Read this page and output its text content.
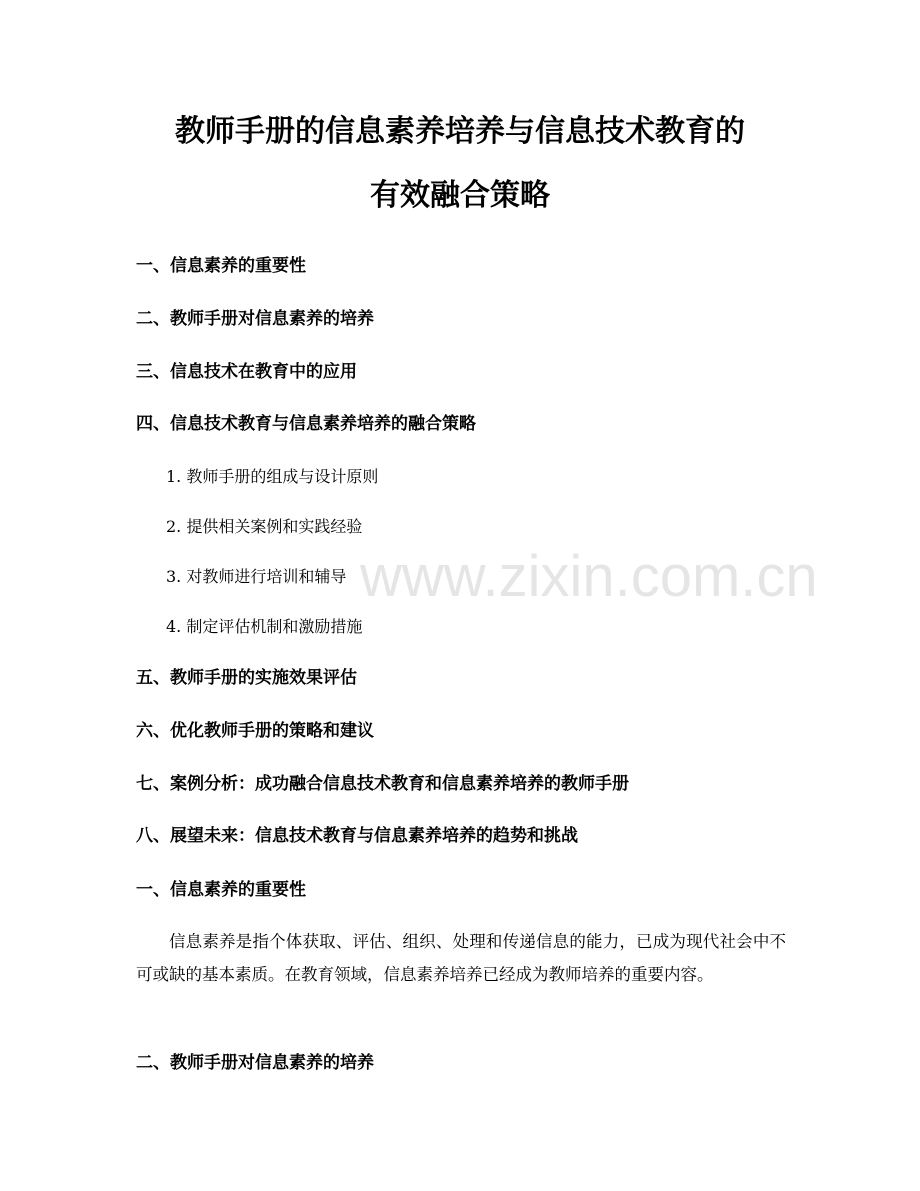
教师手册的信息素养培养与信息技术教育的
有效融合策略
一、信息素养的重要性
二、教师手册对信息素养的培养
三、信息技术在教育中的应用
四、信息技术教育与信息素养培养的融合策略
1. 教师手册的组成与设计原则
2. 提供相关案例和实践经验
3. 对教师进行培训和辅导
4. 制定评估机制和激励措施
五、教师手册的实施效果评估
六、优化教师手册的策略和建议
七、案例分析：成功融合信息技术教育和信息素养培养的教师手册
八、展望未来：信息技术教育与信息素养培养的趋势和挑战
一、信息素养的重要性

信息素养是指个体获取、评估、组织、处理和传递信息的能力，已成为现代社会中不可或缺的基本素质。在教育领域，信息素养培养已经成为教师培养的重要内容。

二、教师手册对信息素养的培养
www.zixin.com.cn
